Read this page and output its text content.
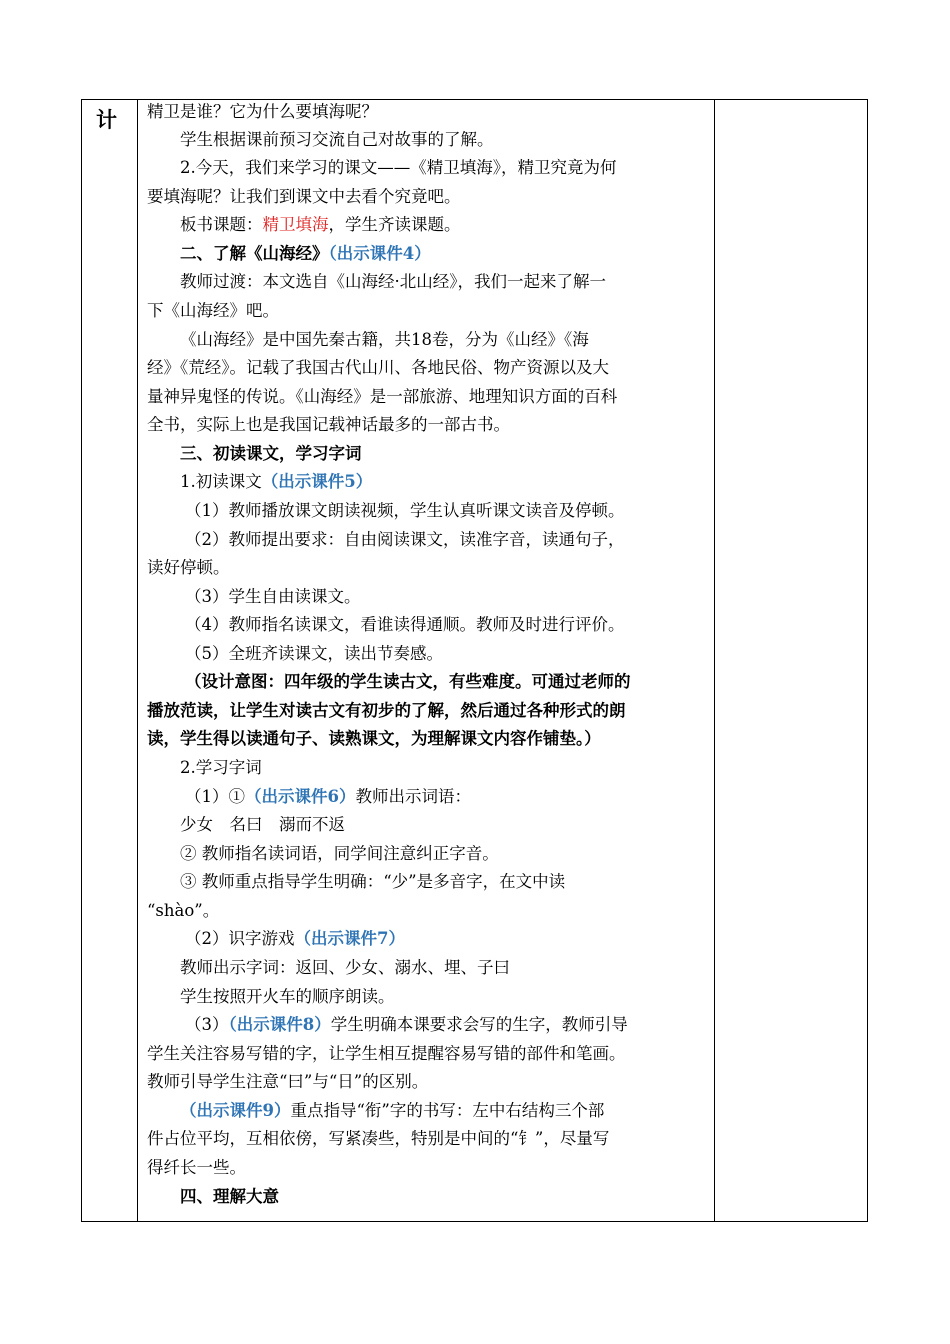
计 精卫是谁？它为什么要填海呢？
学生根据课前预习交流自己对故事的了解。
2.今天，我们来学习的课文——《精卫填海》，精卫究竟为何
要填海呢？让我们到课文中去看个究竟吧。
板书课题：精卫填海，学生齐读课题。
二、了解《山海经》（出示课件4）
教师过渡：本文选自《山海经·北山经》，我们一起来了解一
下《山海经》吧。
《山海经》是中国先秦古籍，共18卷，分为《山经》《海
经》《荒经》。记载了我国古代山川、各地民俗、物产资源以及大
量神异鬼怪的传说。《山海经》是一部旅游、地理知识方面的百科
全书，实际上也是我国记载神话最多的一部古书。
三、初读课文，学习字词
1.初读课文（出示课件5）
（1）教师播放课文朗读视频，学生认真听课文读音及停顿。
（2）教师提出要求：自由阅读课文，读准字音，读通句子，
读好停顿。
（3）学生自由读课文。
（4）教师指名读课文，看谁读得通顺。教师及时进行评价。
（5）全班齐读课文，读出节奏感。
（设计意图：四年级的学生读古文，有些难度。可通过老师的
播放范读，让学生对读古文有初步的了解，然后通过各种形式的朗
读，学生得以读通句子、读熟课文，为理解课文内容作铺垫。）
2.学习字词
（1）①（出示课件6）教师出示词语：
少女　名曰　溺而不返
② 教师指名读词语，同学间注意纠正字音。
③ 教师重点指导学生明确：“少”是多音字，在文中读
“shào”。
（2）识字游戏（出示课件7）
教师出示字词：返回、少女、溺水、埋、子曰
学生按照开火车的顺序朗读。
（3）（出示课件8）学生明确本课要求会写的生字，教师引导
学生关注容易写错的字，让学生相互提醒容易写错的部件和笔画。
教师引导学生注意“曰”与“日”的区别。
（出示课件9）重点指导“衔”字的书写：左中右结构三个部
件占位平均，互相依傍，写紧凑些，特别是中间的“钅”，尽量写
得纤长一些。
四、理解大意
